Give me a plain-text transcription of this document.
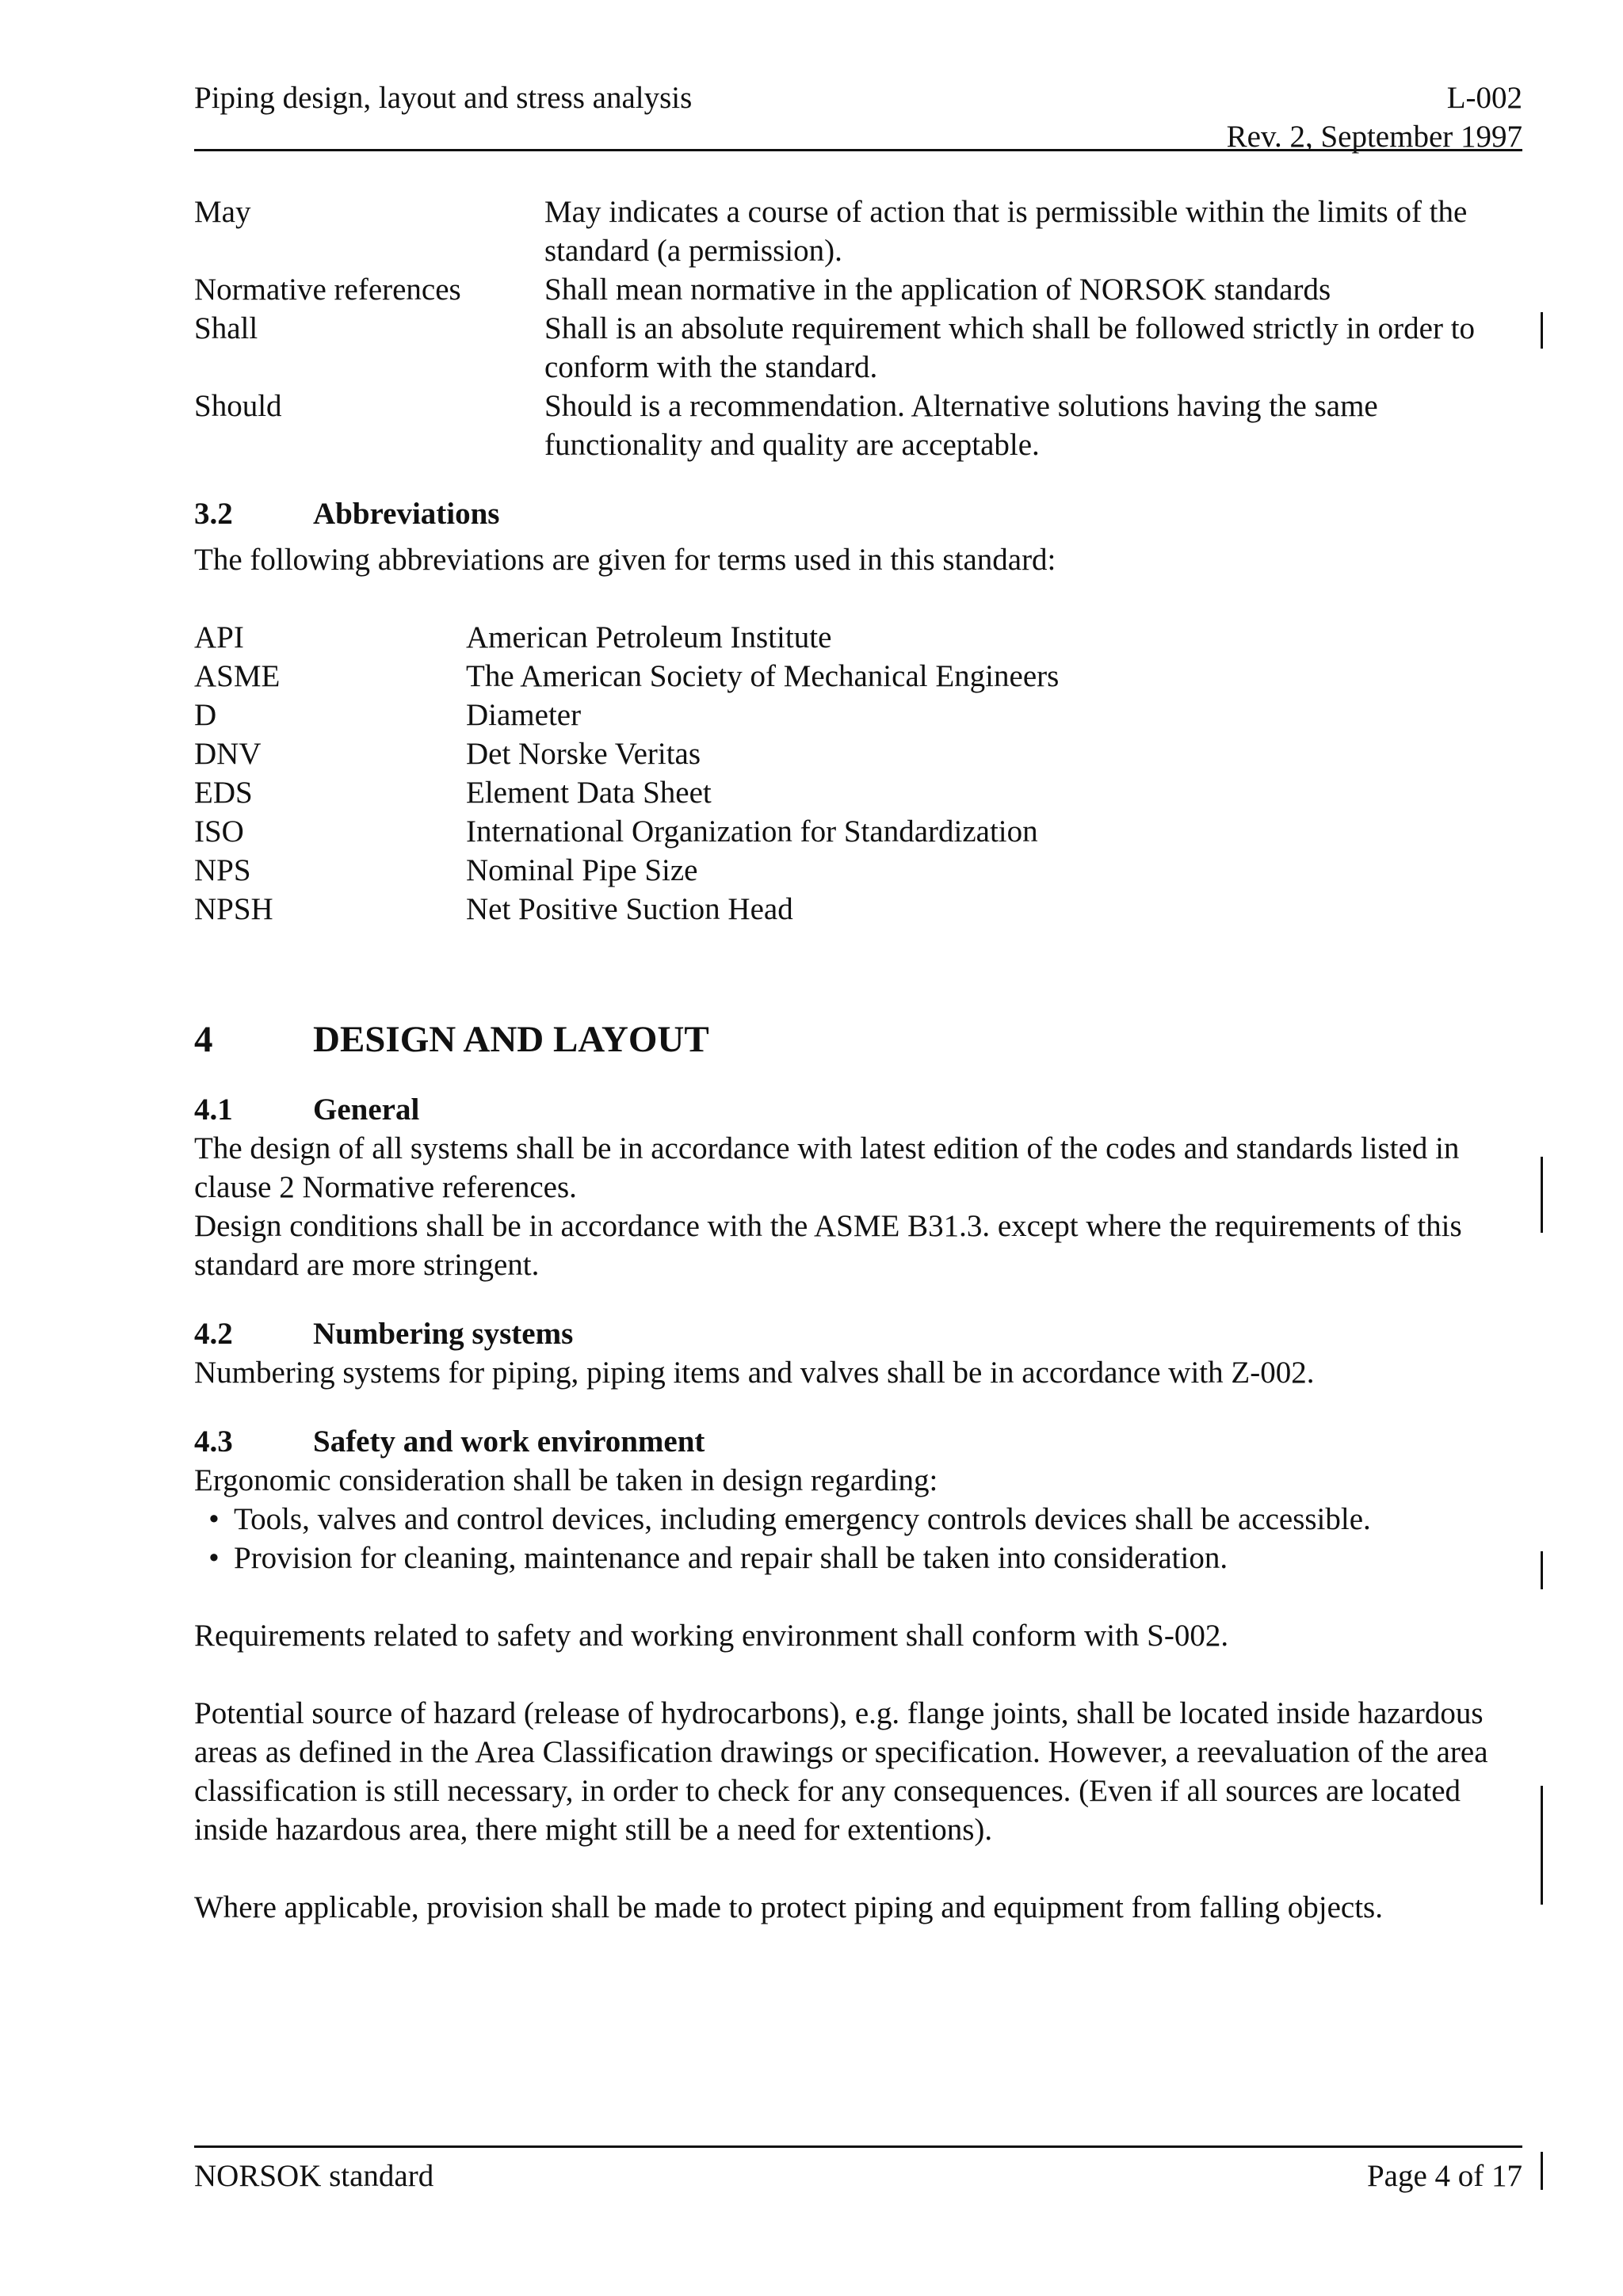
Piping design, layout and stress analysis	L-002
Rev. 2, September 1997
May	May indicates a course of action that is permissible within the limits of the standard (a permission).
Normative references	Shall mean normative in the application of NORSOK standards
Shall	Shall is an absolute requirement which shall be followed strictly in order to conform with the standard.
Should	Should is a recommendation. Alternative solutions having the same functionality and quality are acceptable.
3.2	Abbreviations

The following abbreviations are given for terms used in this standard:

API	American Petroleum Institute
ASME	The American Society of Mechanical Engineers
D	Diameter
DNV	Det Norske Veritas
EDS	Element Data Sheet
ISO	International Organization for Standardization
NPS	Nominal Pipe Size
NPSH	Net Positive Suction Head
4	DESIGN AND LAYOUT
4.1	General

The design of all systems shall be in accordance with latest edition of the codes and standards listed in clause 2 Normative references.

Design conditions shall be in accordance with the ASME B31.3. except where the requirements of this standard are more stringent.

4.2	Numbering systems

Numbering systems for piping, piping items and valves shall be in accordance with Z-002.

4.3	Safety and work environment

Ergonomic consideration shall be taken in design regarding:

• Tools, valves and control devices, including emergency controls devices shall be accessible.
• Provision for cleaning, maintenance and repair shall be taken into consideration.

Requirements related to safety and working environment shall conform with S-002.

Potential source of hazard (release of hydrocarbons), e.g. flange joints, shall be located inside hazardous areas as defined in the Area Classification drawings or specification. However, a reevaluation of the area classification is still necessary, in order to check for any consequences. (Even if all sources are located inside hazardous area, there might still be a need for extentions).

Where applicable, provision shall be made to protect piping and equipment from falling objects.

NORSOK standard	Page 4 of 17
